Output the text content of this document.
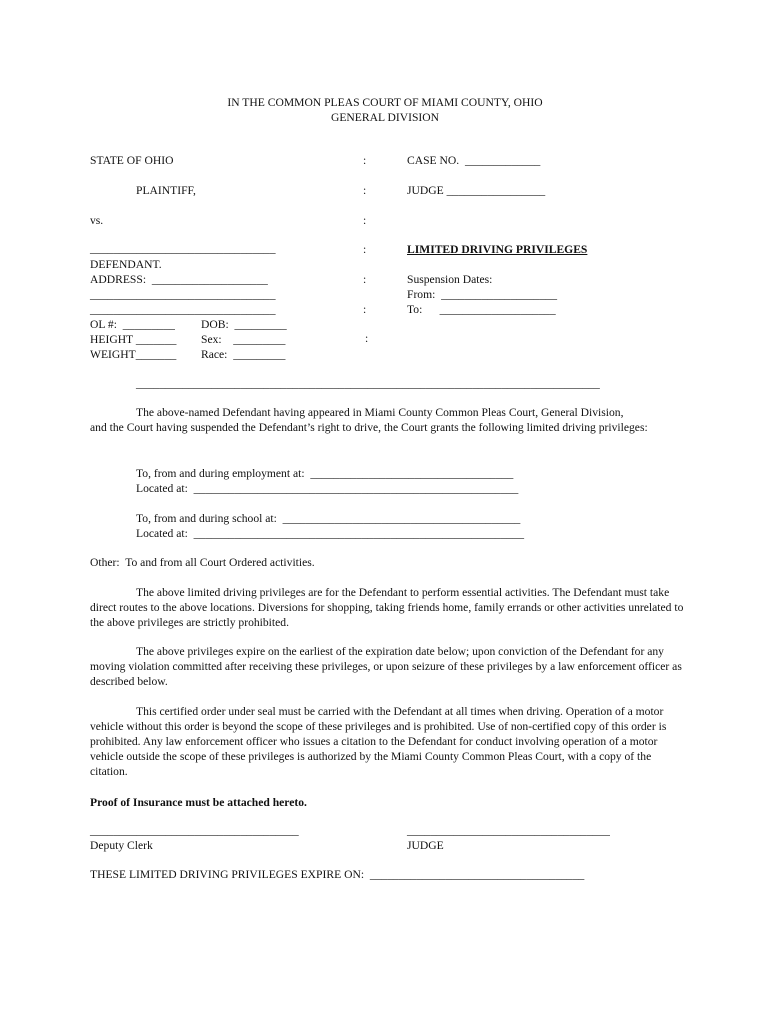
IN THE COMMON PLEAS COURT OF MIAMI COUNTY, OHIO
GENERAL DIVISION
STATE OF OHIO
PLAINTIFF,
vs.
________________________________
DEFENDANT.
ADDRESS:  ____________________
________________________________
________________________________
OL #:  _________ DOB:  _________
HEIGHT _______ Sex:    _________
WEIGHT_______ Race:  _________
:
:
:
:
:
:
:
CASE NO.  _____________
JUDGE _________________
LIMITED DRIVING PRIVILEGES
Suspension Dates:
From:  ____________________
To:      ____________________
________________________________________________________________________________

The above-named Defendant having appeared in Miami County Common Pleas Court, General Division,

and the Court having suspended the Defendant’s right to drive, the Court grants the following limited driving privileges:

To, from and during employment at:  ___________________________________
Located at:  ________________________________________________________
To, from and during school at:  _________________________________________
Located at:  _________________________________________________________
Other:  To and from all Court Ordered activities.

The above limited driving privileges are for the Defendant to perform essential activities. The Defendant must take direct routes to the above locations. Diversions for shopping, taking friends home, family errands or other activities unrelated to the above privileges are strictly prohibited.

The above privileges expire on the earliest of the expiration date below; upon conviction of the Defendant for any moving violation committed after receiving these privileges, or upon seizure of these privileges by a law enforcement officer as described below.

This certified order under seal must be carried with the Defendant at all times when driving. Operation of a motor vehicle without this order is beyond the scope of these privileges and is prohibited. Use of non-certified copy of this order is prohibited. Any law enforcement officer who issues a citation to the Defendant for conduct involving operation of a motor vehicle outside the scope of these privileges is authorized by the Miami County Common Pleas Court, with a copy of the citation.

Proof of Insurance must be attached hereto.
____________________________________
Deputy Clerk
___________________________________
JUDGE
THESE LIMITED DRIVING PRIVILEGES EXPIRE ON:  _____________________________________
